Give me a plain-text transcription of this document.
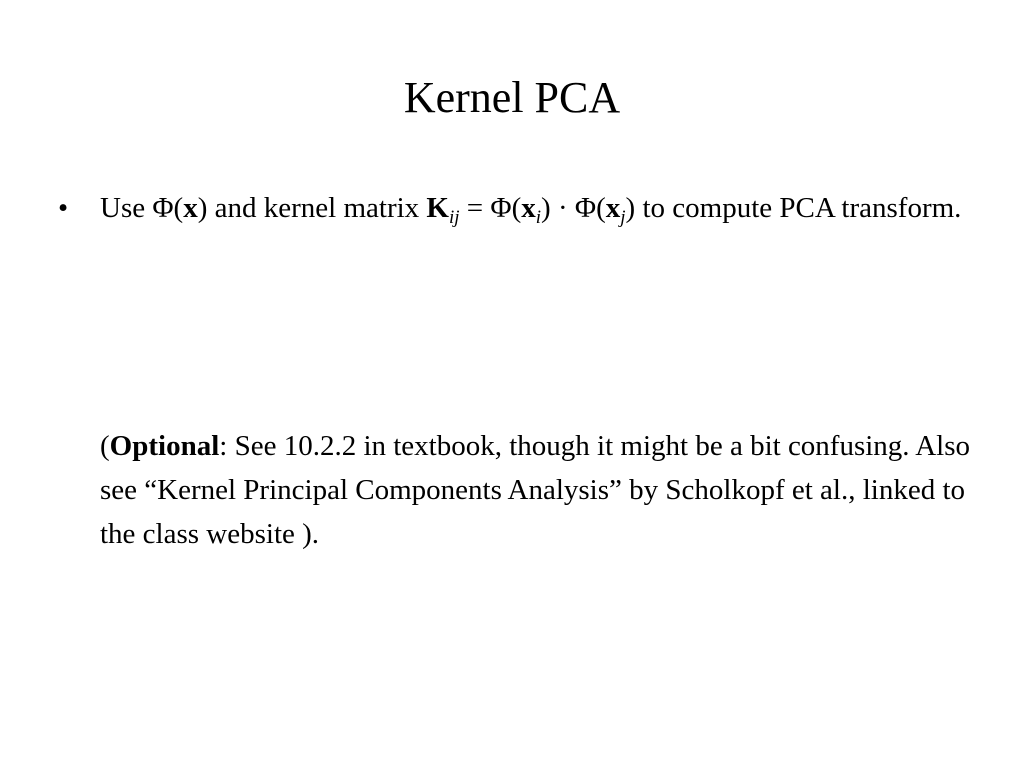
Kernel PCA
•	Use Φ(x) and kernel matrix $K_{ij} = \Phi(x_i) \cdot \Phi(x_j)$ to compute PCA transform.
(Optional: See 10.2.2 in textbook, though it might be a bit confusing. Also see “Kernel Principal Components Analysis” by Scholkopf et al., linked to the class website ).
